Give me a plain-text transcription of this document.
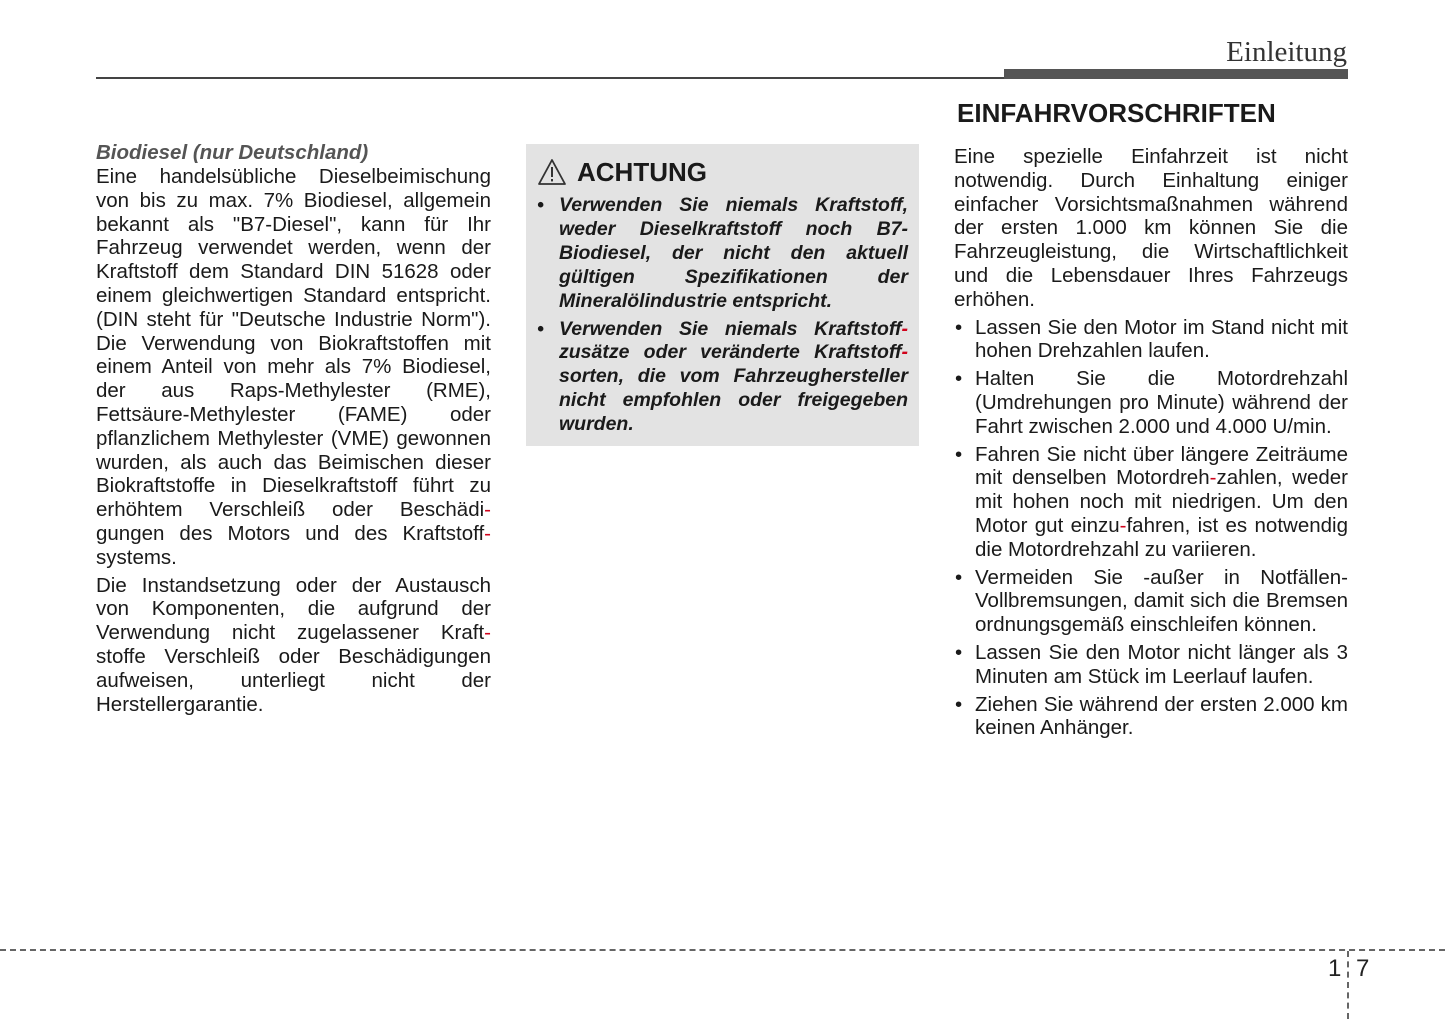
Einleitung

Biodiesel (nur Deutschland)

Eine handelsübliche Dieselbeimischung von bis zu max. 7% Biodiesel, allgemein bekannt als "B7-Diesel", kann für Ihr Fahrzeug verwendet werden, wenn der Kraftstoff dem Standard DIN 51628 oder einem gleichwertigen Standard entspricht. (DIN steht für "Deutsche Industrie Norm"). Die Verwendung von Biokraftstoffen mit einem Anteil von mehr als 7% Biodiesel, der aus Raps-Methylester (RME), Fettsäure-Methylester (FAME) oder pflanzlichem Methylester (VME) gewonnen wurden, als auch das Beimischen dieser Biokraftstoffe in Dieselkraftstoff führt zu erhöhtem Verschleiß oder Beschädi-gungen des Motors und des Kraftstoff-systems.

Die Instandsetzung oder der Austausch von Komponenten, die aufgrund der Verwendung nicht zugelassener Kraft-stoffe Verschleiß oder Beschädigungen aufweisen, unterliegt nicht der Herstellergarantie.

ACHTUNG
• Verwenden Sie niemals Kraftstoff, weder Dieselkraftstoff noch B7-Biodiesel, der nicht den aktuell gültigen Spezifikationen der Mineralölindustrie entspricht.
• Verwenden Sie niemals Kraftstoff-zusätze oder veränderte Kraftstoff-sorten, die vom Fahrzeughersteller nicht empfohlen oder freigegeben wurden.
EINFAHRVORSCHRIFTEN

Eine spezielle Einfahrzeit ist nicht notwendig. Durch Einhaltung einiger einfacher Vorsichtsmaßnahmen während der ersten 1.000 km können Sie die Fahrzeugleistung, die Wirtschaftlichkeit und die Lebensdauer Ihres Fahrzeugs erhöhen.

• Lassen Sie den Motor im Stand nicht mit hohen Drehzahlen laufen.
• Halten Sie die Motordrehzahl (Umdrehungen pro Minute) während der Fahrt zwischen 2.000 und 4.000 U/min.
• Fahren Sie nicht über längere Zeiträume mit denselben Motordreh-zahlen, weder mit hohen noch mit niedrigen. Um den Motor gut einzu-fahren, ist es notwendig die Motordrehzahl zu variieren.
• Vermeiden Sie -außer in Notfällen-Vollbremsungen, damit sich die Bremsen ordnungsgemäß einschleifen können.
• Lassen Sie den Motor nicht länger als 3 Minuten am Stück im Leerlauf laufen.
• Ziehen Sie während der ersten 2.000 km keinen Anhänger.
1 7
